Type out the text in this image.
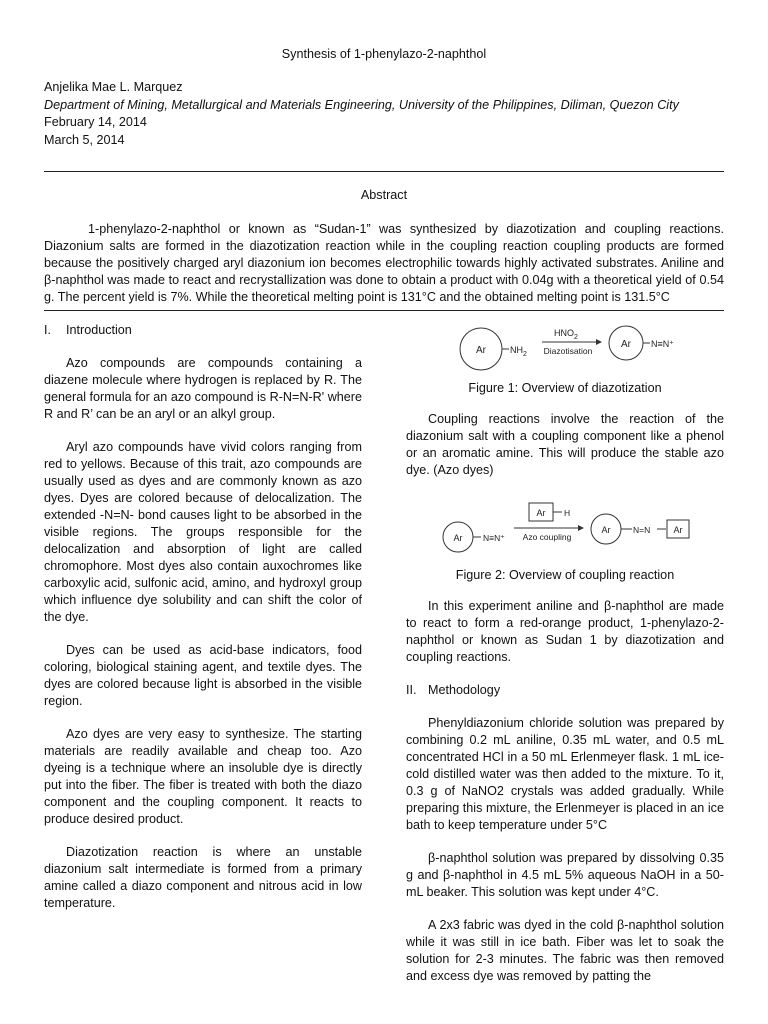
Synthesis of 1-phenylazo-2-naphthol
Anjelika Mae L. Marquez
Department of Mining, Metallurgical and Materials Engineering, University of the Philippines, Diliman, Quezon City
February 14, 2014
March 5, 2014
Abstract
1-phenylazo-2-naphthol or known as “Sudan-1” was synthesized by diazotization and coupling reactions. Diazonium salts are formed in the diazotization reaction while in the coupling reaction coupling products are formed because the positively charged aryl diazonium ion becomes electrophilic towards highly activated substrates. Aniline and β-naphthol was made to react and recrystallization was done to obtain a product with 0.04g with a theoretical yield of 0.54 g. The percent yield is 7%. While the theoretical melting point is 131°C and the obtained melting point is 131.5°C
I.	Introduction

Azo compounds are compounds containing a diazene molecule where hydrogen is replaced by R. The general formula for an azo compound is R-N=N-R' where R and R’ can be an aryl or an alkyl group.

Aryl azo compounds have vivid colors ranging from red to yellows. Because of this trait, azo compounds are usually used as dyes and are commonly known as azo dyes. Dyes are colored because of delocalization. The extended -N=N- bond causes light to be absorbed in the visible regions. The groups responsible for the delocalization and absorption of light are called chromophore. Most dyes also contain auxochromes like carboxylic acid, sulfonic acid, amino, and hydroxyl group which influence dye solubility and can shift the color of the dye.

Dyes can be used as acid-base indicators, food coloring, biological staining agent, and textile dyes. The dyes are colored because light is absorbed in the visible region.

Azo dyes are very easy to synthesize. The starting materials are readily available and cheap too. Azo dyeing is a technique where an insoluble dye is directly put into the fiber. The fiber is treated with both the diazo component and the coupling component. It reacts to produce desired product.

Diazotization reaction is where an unstable diazonium salt intermediate is formed from a primary amine called a diazo component and nitrous acid in low temperature.

Ar	$NH_2$
$HNO_2$
Diazotisation
Ar N≡N⁺
Figure 1: Overview of diazotization

Coupling reactions involve the reaction of the diazonium salt with a coupling component like a phenol or an aromatic amine. This will produce the stable azo dye. (Azo dyes)

Ar N≡N⁺
Ar H
Azo coupling
Ar	N=N	Ar
Figure 2: Overview of coupling reaction

In this experiment aniline and β-naphthol are made to react to form a red-orange product, 1-phenylazo-2-naphthol or known as Sudan 1 by diazotization and coupling reactions.

II. Methodology

Phenyldiazonium chloride solution was prepared by combining 0.2 mL aniline, 0.35 mL water, and 0.5 mL concentrated HCl in a 50 mL Erlenmeyer flask. 1 mL ice-cold distilled water was then added to the mixture. To it, 0.3 g of NaNO2 crystals was added gradually. While preparing this mixture, the Erlenmeyer is placed in an ice bath to keep temperature under 5°C

β-naphthol solution was prepared by dissolving 0.35 g and β-naphthol in 4.5 mL 5% aqueous NaOH in a 50-mL beaker. This solution was kept under 4°C.

A 2x3 fabric was dyed in the cold β-naphthol solution while it was still in ice bath. Fiber was let to soak the solution for 2-3 minutes. The fabric was then removed and excess dye was removed by patting the
